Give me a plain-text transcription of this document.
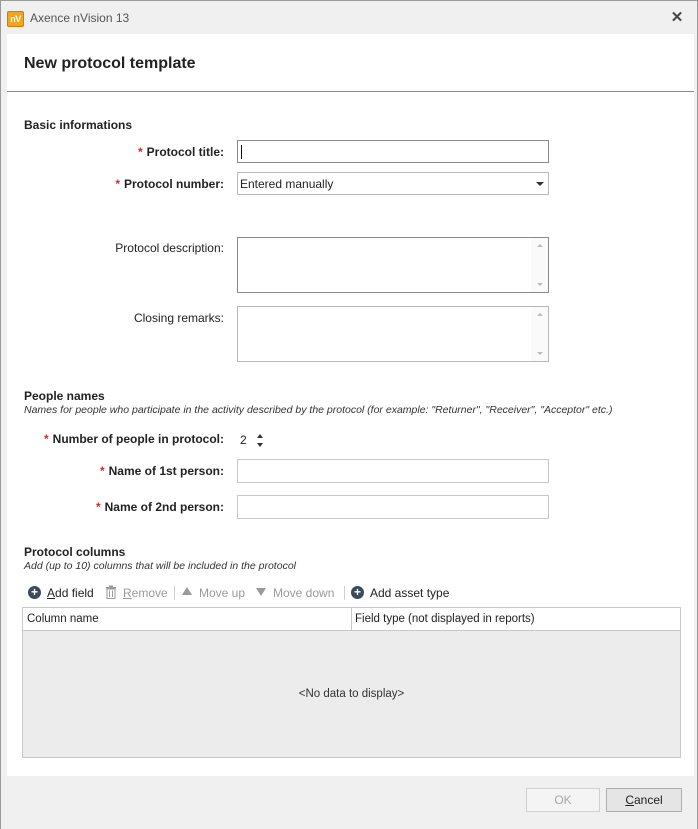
nV Axence nVision 13	✕
New protocol template
Basic informations
* Protocol title:
* Protocol number: Entered manually
Protocol description:
Closing remarks:
People names
Names for people who participate in the activity described by the protocol (for example: "Returner", "Receiver", "Acceptor" etc.)
* Number of people in protocol: 2
* Name of 1st person:
* Name of 2nd person:
Protocol columns
Add (up to 10) columns that will be included in the protocol
+ Add field Remove	Move up Move down + Add asset type
Column name	Field type (not displayed in reports)
<No data to display>
OK	Cancel
